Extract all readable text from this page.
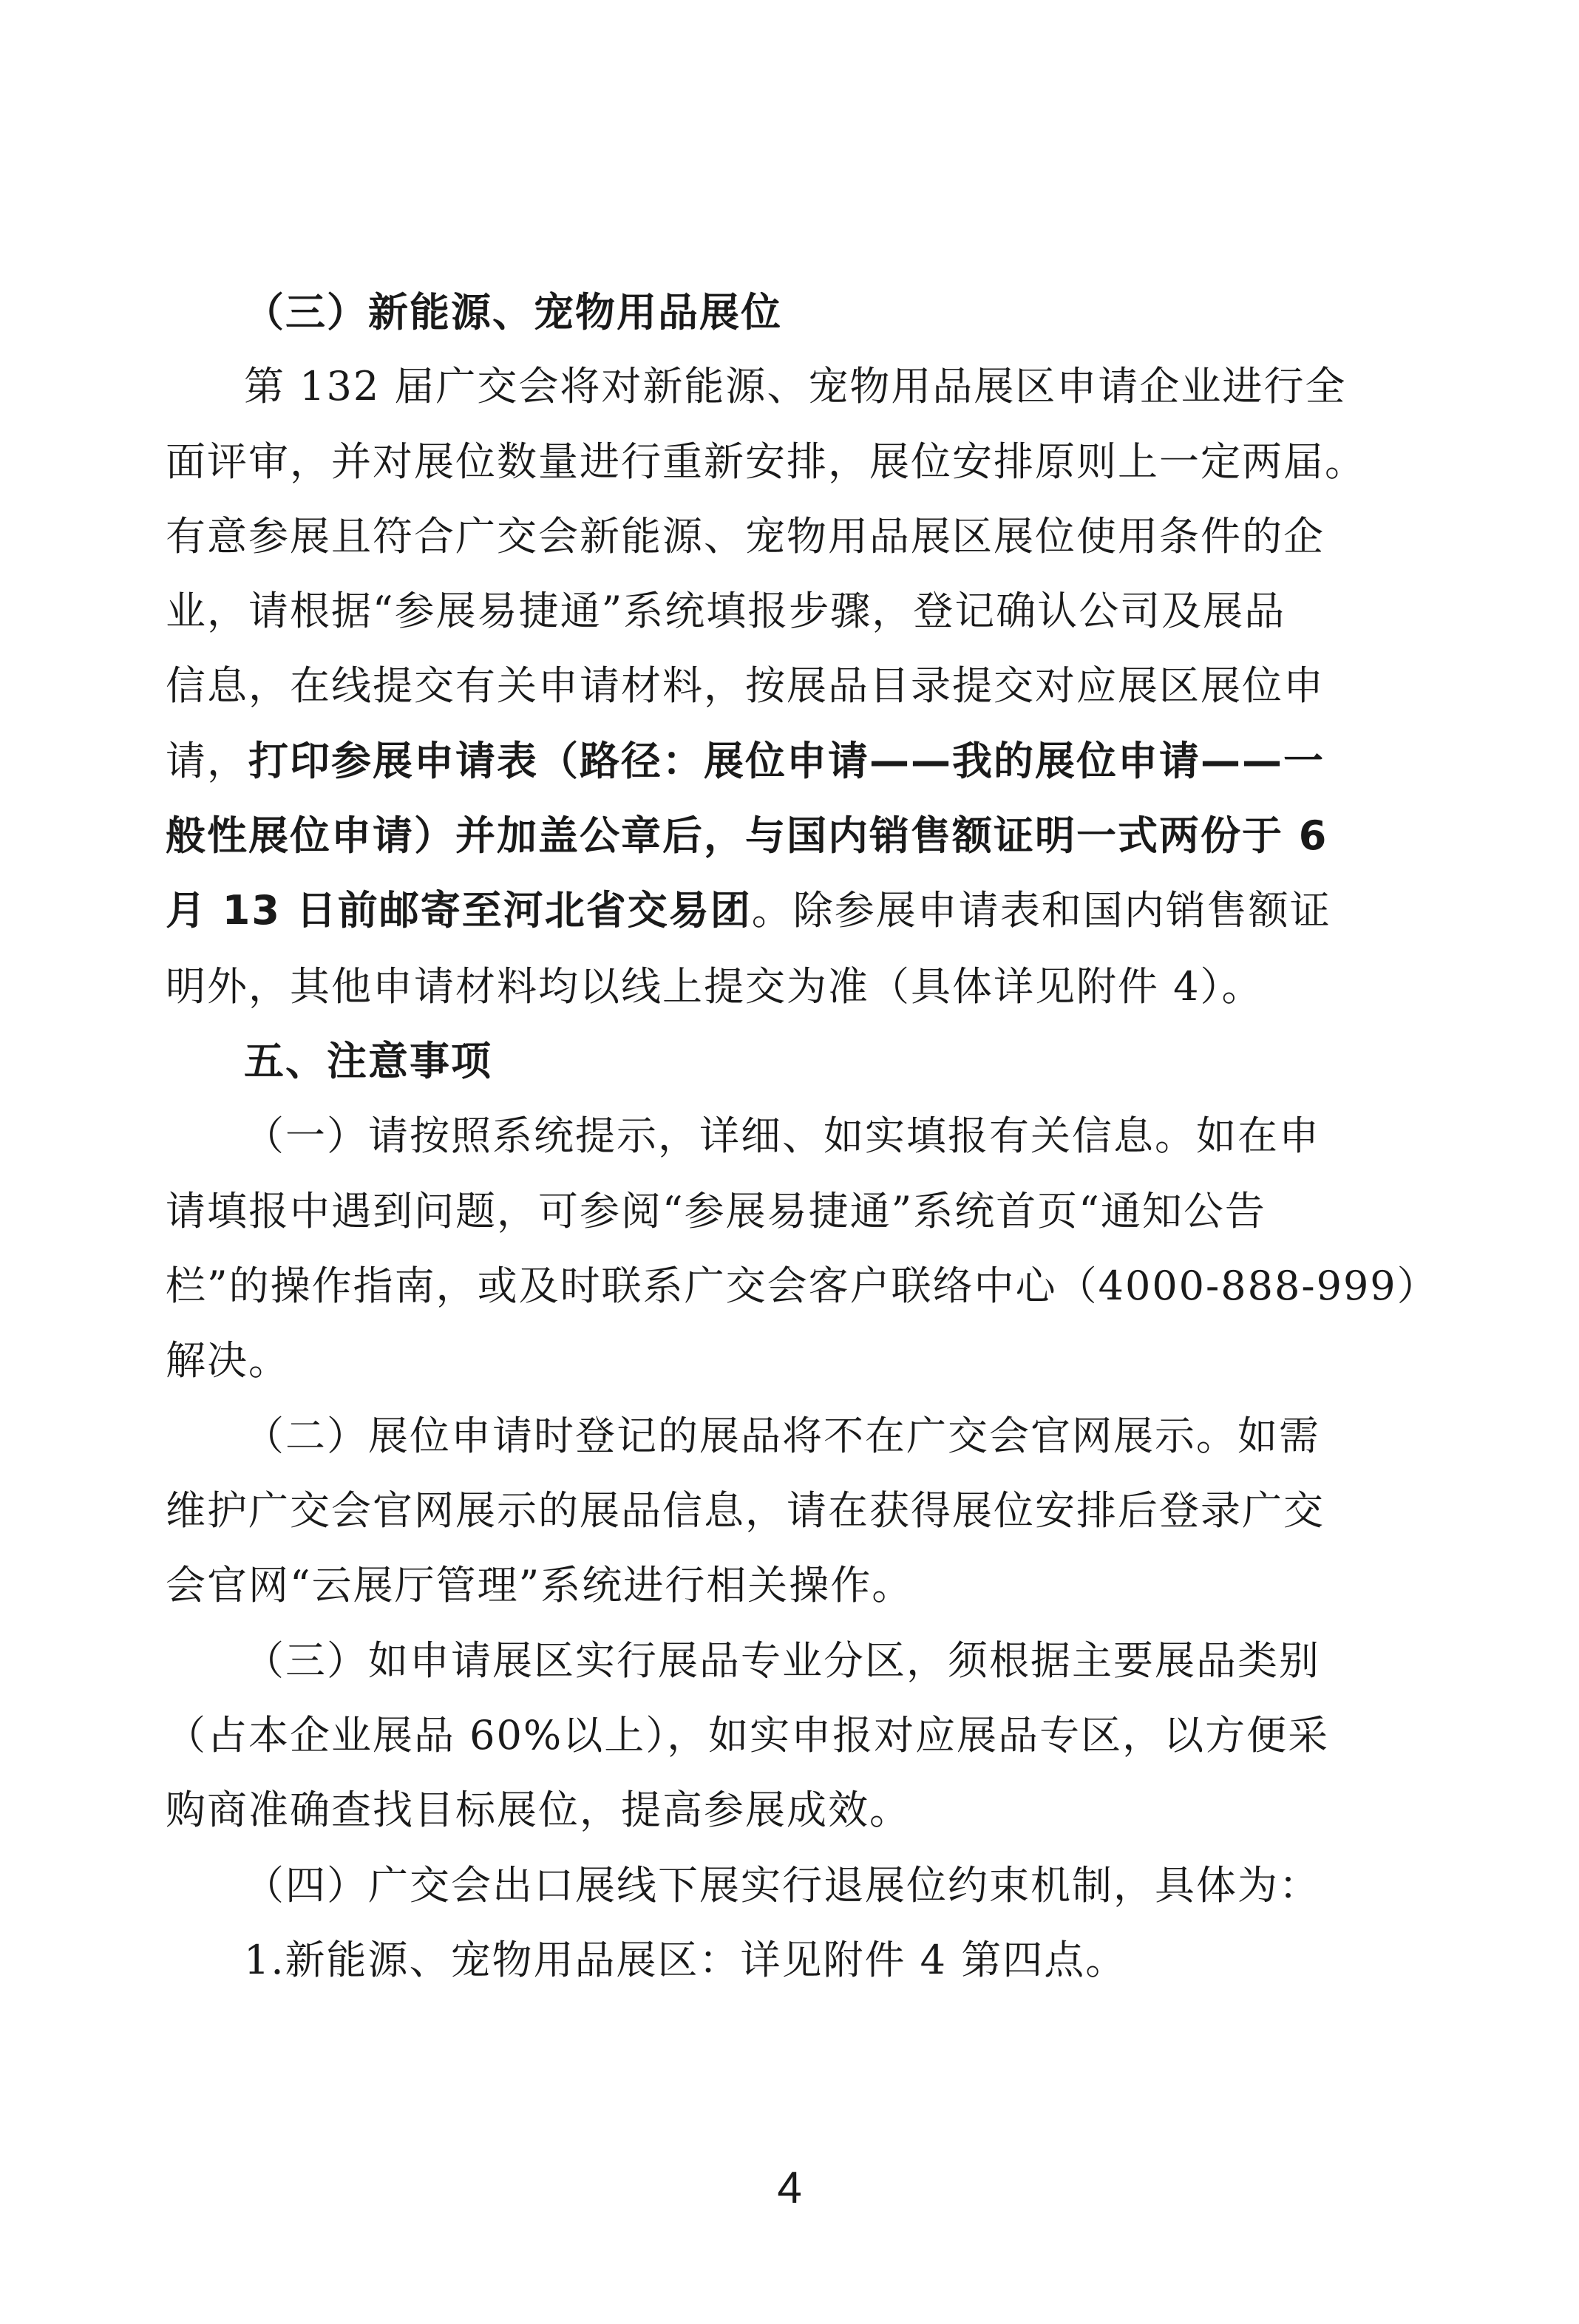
（三）新能源、宠物用品展位
第 132 届广交会将对新能源、宠物用品展区申请企业进行全
面评审，并对展位数量进行重新安排，展位安排原则上一定两届。
有意参展且符合广交会新能源、宠物用品展区展位使用条件的企
业，请根据“参展易捷通”系统填报步骤，登记确认公司及展品
信息，在线提交有关申请材料，按展品目录提交对应展区展位申
请，打印参展申请表（路径：展位申请——我的展位申请——一
般性展位申请）并加盖公章后，与国内销售额证明一式两份于 6
月 13 日前邮寄至河北省交易团。除参展申请表和国内销售额证
明外，其他申请材料均以线上提交为准（具体详见附件 4）。
五、注意事项
（一）请按照系统提示，详细、如实填报有关信息。如在申
请填报中遇到问题，可参阅“参展易捷通”系统首页“通知公告
栏”的操作指南，或及时联系广交会客户联络中心（4000-888-999）
解决。
（二）展位申请时登记的展品将不在广交会官网展示。如需
维护广交会官网展示的展品信息，请在获得展位安排后登录广交
会官网“云展厅管理”系统进行相关操作。
（三）如申请展区实行展品专业分区，须根据主要展品类别
（占本企业展品 60%以上），如实申报对应展品专区，以方便采
购商准确查找目标展位，提高参展成效。
（四）广交会出口展线下展实行退展位约束机制，具体为：
1.新能源、宠物用品展区：详见附件 4 第四点。
4
